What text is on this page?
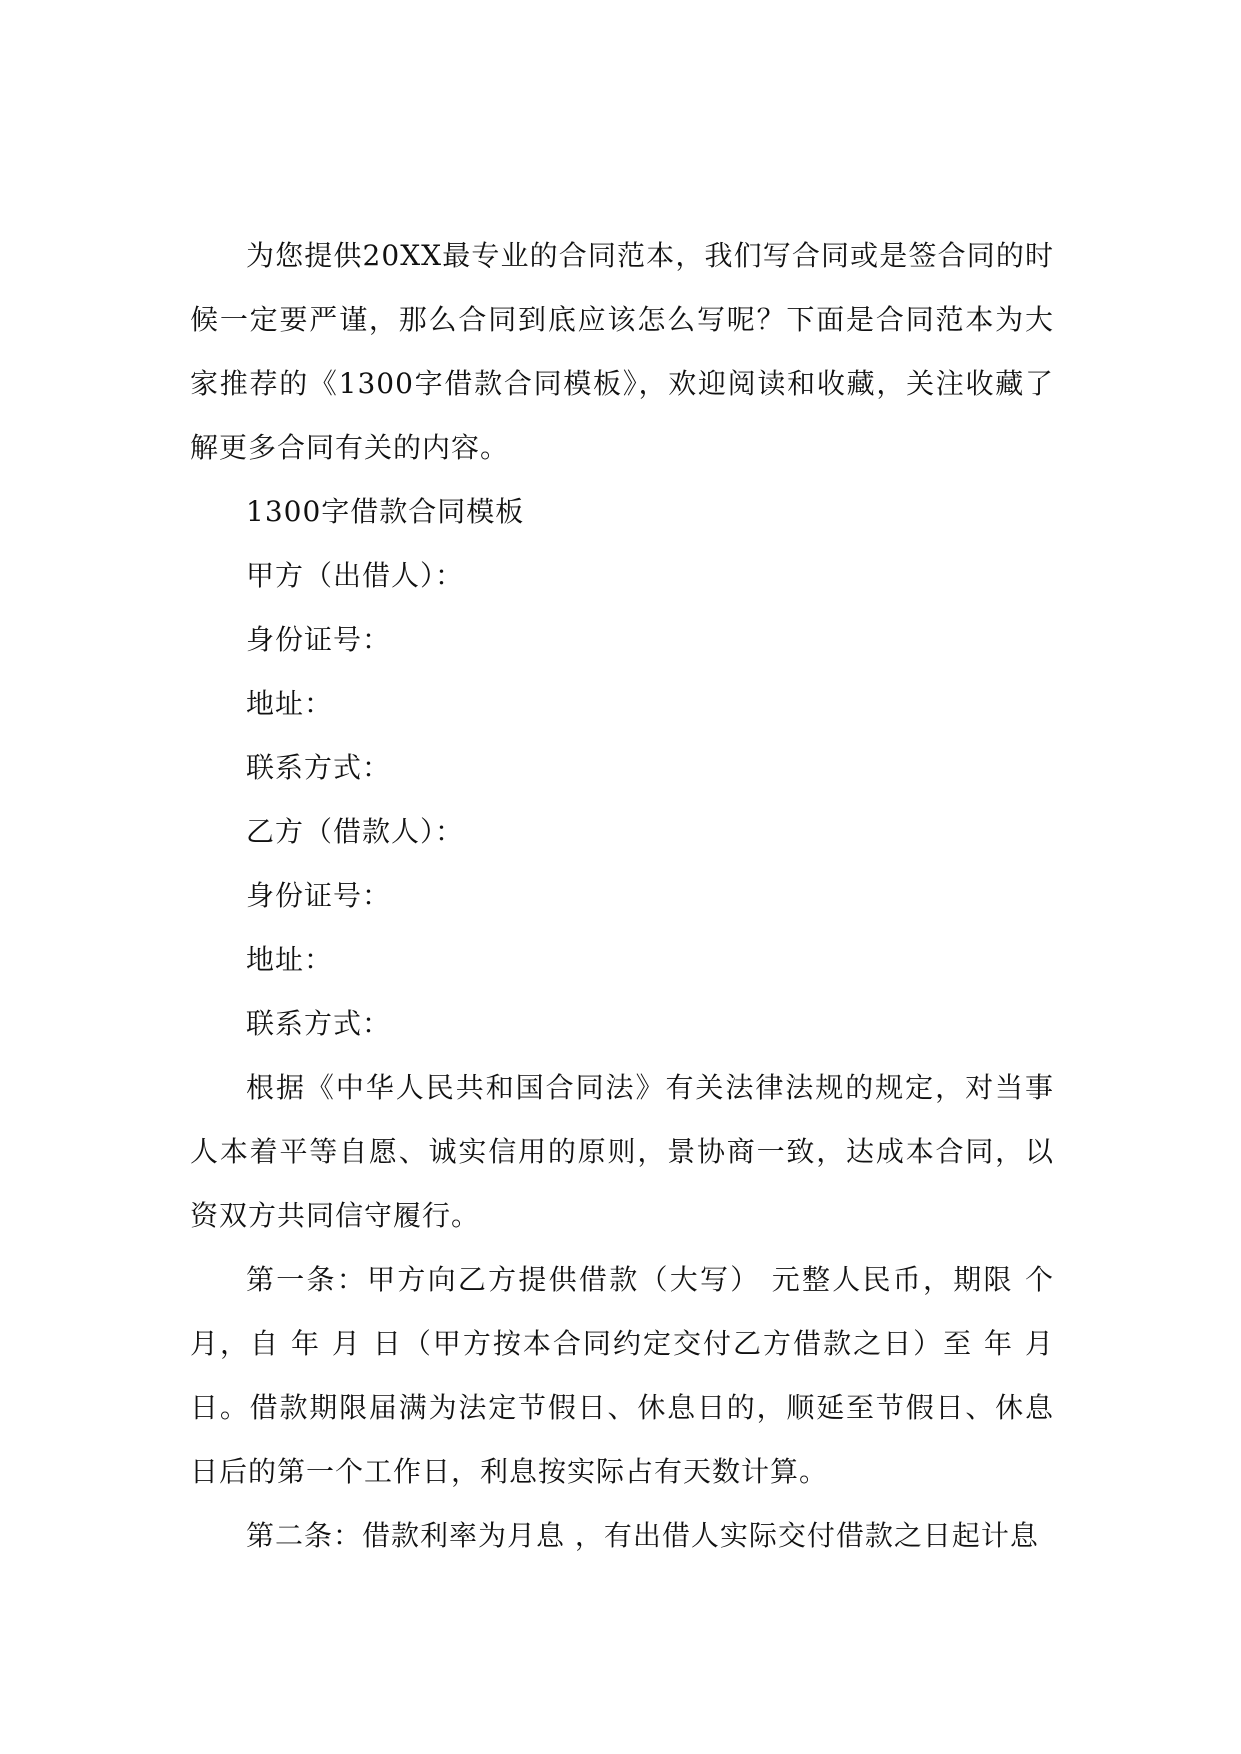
为您提供20XX最专业的合同范本，我们写合同或是签合同的时候一定要严谨，那么合同到底应该怎么写呢？下面是合同范本为大家推荐的《1300字借款合同模板》，欢迎阅读和收藏，关注收藏了解更多合同有关的内容。

1300字借款合同模板

甲方（出借人）：

身份证号：

地址：

联系方式：

乙方（借款人）：

身份证号：

地址：

联系方式：

根据《中华人民共和国合同法》有关法律法规的规定，对当事人本着平等自愿、诚实信用的原则，景协商一致，达成本合同，以资双方共同信守履行。

第一条：甲方向乙方提供借款（大写） 元整人民币，期限 个月，自 年 月 日（甲方按本合同约定交付乙方借款之日）至 年 月 日。借款期限届满为法定节假日、休息日的，顺延至节假日、休息日后的第一个工作日，利息按实际占有天数计算。

第二条：借款利率为月息 ，有出借人实际交付借款之日起计息
